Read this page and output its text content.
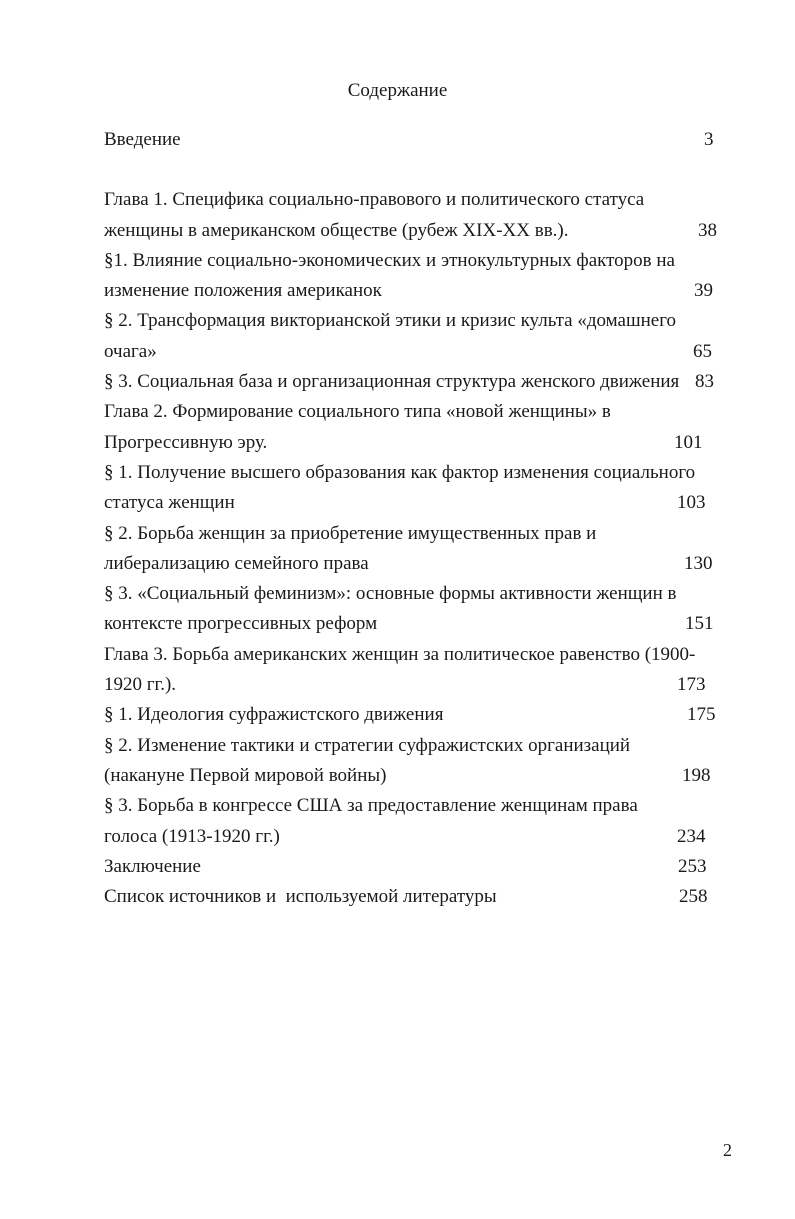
Содержание
Введение	3
Глава 1. Специфика социально-правового и политического статуса
женщины в американском обществе (рубеж XIX-XX вв.).	38
§1. Влияние социально-экономических и этнокультурных факторов на
изменение положения американок	39
§ 2. Трансформация викторианской этики и кризис культа «домашнего
очага»	65
§ 3. Социальная база и организационная структура женского движения 83
Глава 2. Формирование социального типа «новой женщины» в
Прогрессивную эру.	101
§ 1. Получение высшего образования как фактор изменения социального
статуса женщин	103
§ 2. Борьба женщин за приобретение имущественных прав и
либерализацию семейного права	130
§ 3. «Социальный феминизм»: основные формы активности женщин в
контексте прогрессивных реформ	151
Глава 3. Борьба американских женщин за политическое равенство (1900-
1920 гг.).	173
§ 1. Идеология суфражистского движения	175
§ 2. Изменение тактики и стратегии суфражистских организаций
(накануне Первой мировой войны)	198
§ 3. Борьба в конгрессе США за предоставление женщинам права
голоса (1913-1920 гг.)	234
Заключение	253
Список источников и  используемой литературы	258
2
